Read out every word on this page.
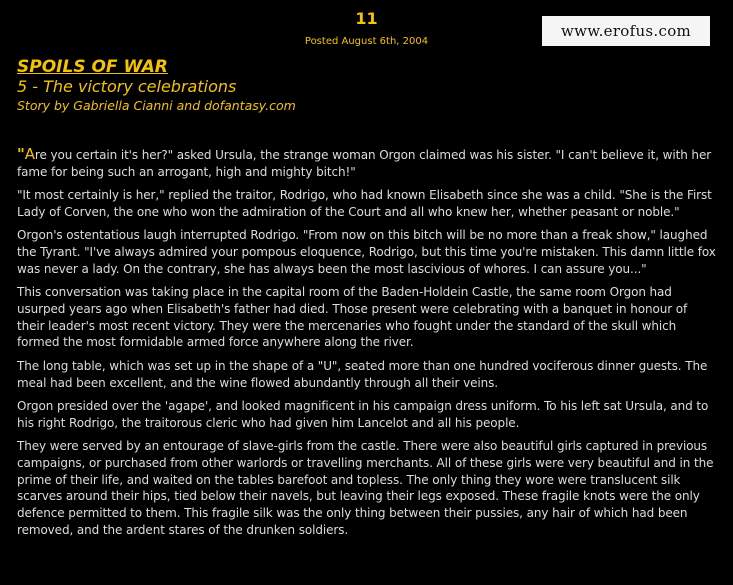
11
Posted August 6th, 2004
www.erofus.com
SPOILS OF WAR
5 - The victory celebrations
Story by Gabriella Cianni and dofantasy.com

"Are you certain it's her?" asked Ursula, the strange woman Orgon claimed was his sister. "I can't believe it, with her fame for being such an arrogant, high and mighty bitch!"

"It most certainly is her," replied the traitor, Rodrigo, who had known Elisabeth since she was a child. "She is the First Lady of Corven, the one who won the admiration of the Court and all who knew her, whether peasant or noble."

Orgon's ostentatious laugh interrupted Rodrigo. "From now on this bitch will be no more than a freak show," laughed the Tyrant. "I've always admired your pompous eloquence, Rodrigo, but this time you're mistaken. This damn little fox was never a lady. On the contrary, she has always been the most lascivious of whores. I can assure you..."

This conversation was taking place in the capital room of the Baden-Holdein Castle, the same room Orgon had usurped years ago when Elisabeth's father had died. Those present were celebrating with a banquet in honour of their leader's most recent victory. They were the mercenaries who fought under the standard of the skull which formed the most formidable armed force anywhere along the river.

The long table, which was set up in the shape of a "U", seated more than one hundred vociferous dinner guests. The meal had been excellent, and the wine flowed abundantly through all their veins.

Orgon presided over the 'agape', and looked magnificent in his campaign dress uniform. To his left sat Ursula, and to his right Rodrigo, the traitorous cleric who had given him Lancelot and all his people.

They were served by an entourage of slave-girls from the castle. There were also beautiful girls captured in previous campaigns, or purchased from other warlords or travelling merchants. All of these girls were very beautiful and in the prime of their life, and waited on the tables barefoot and topless. The only thing they wore were translucent silk scarves around their hips, tied below their navels, but leaving their legs exposed. These fragile knots were the only defence permitted to them. This fragile silk was the only thing between their pussies, any hair of which had been removed, and the ardent stares of the drunken soldiers.
